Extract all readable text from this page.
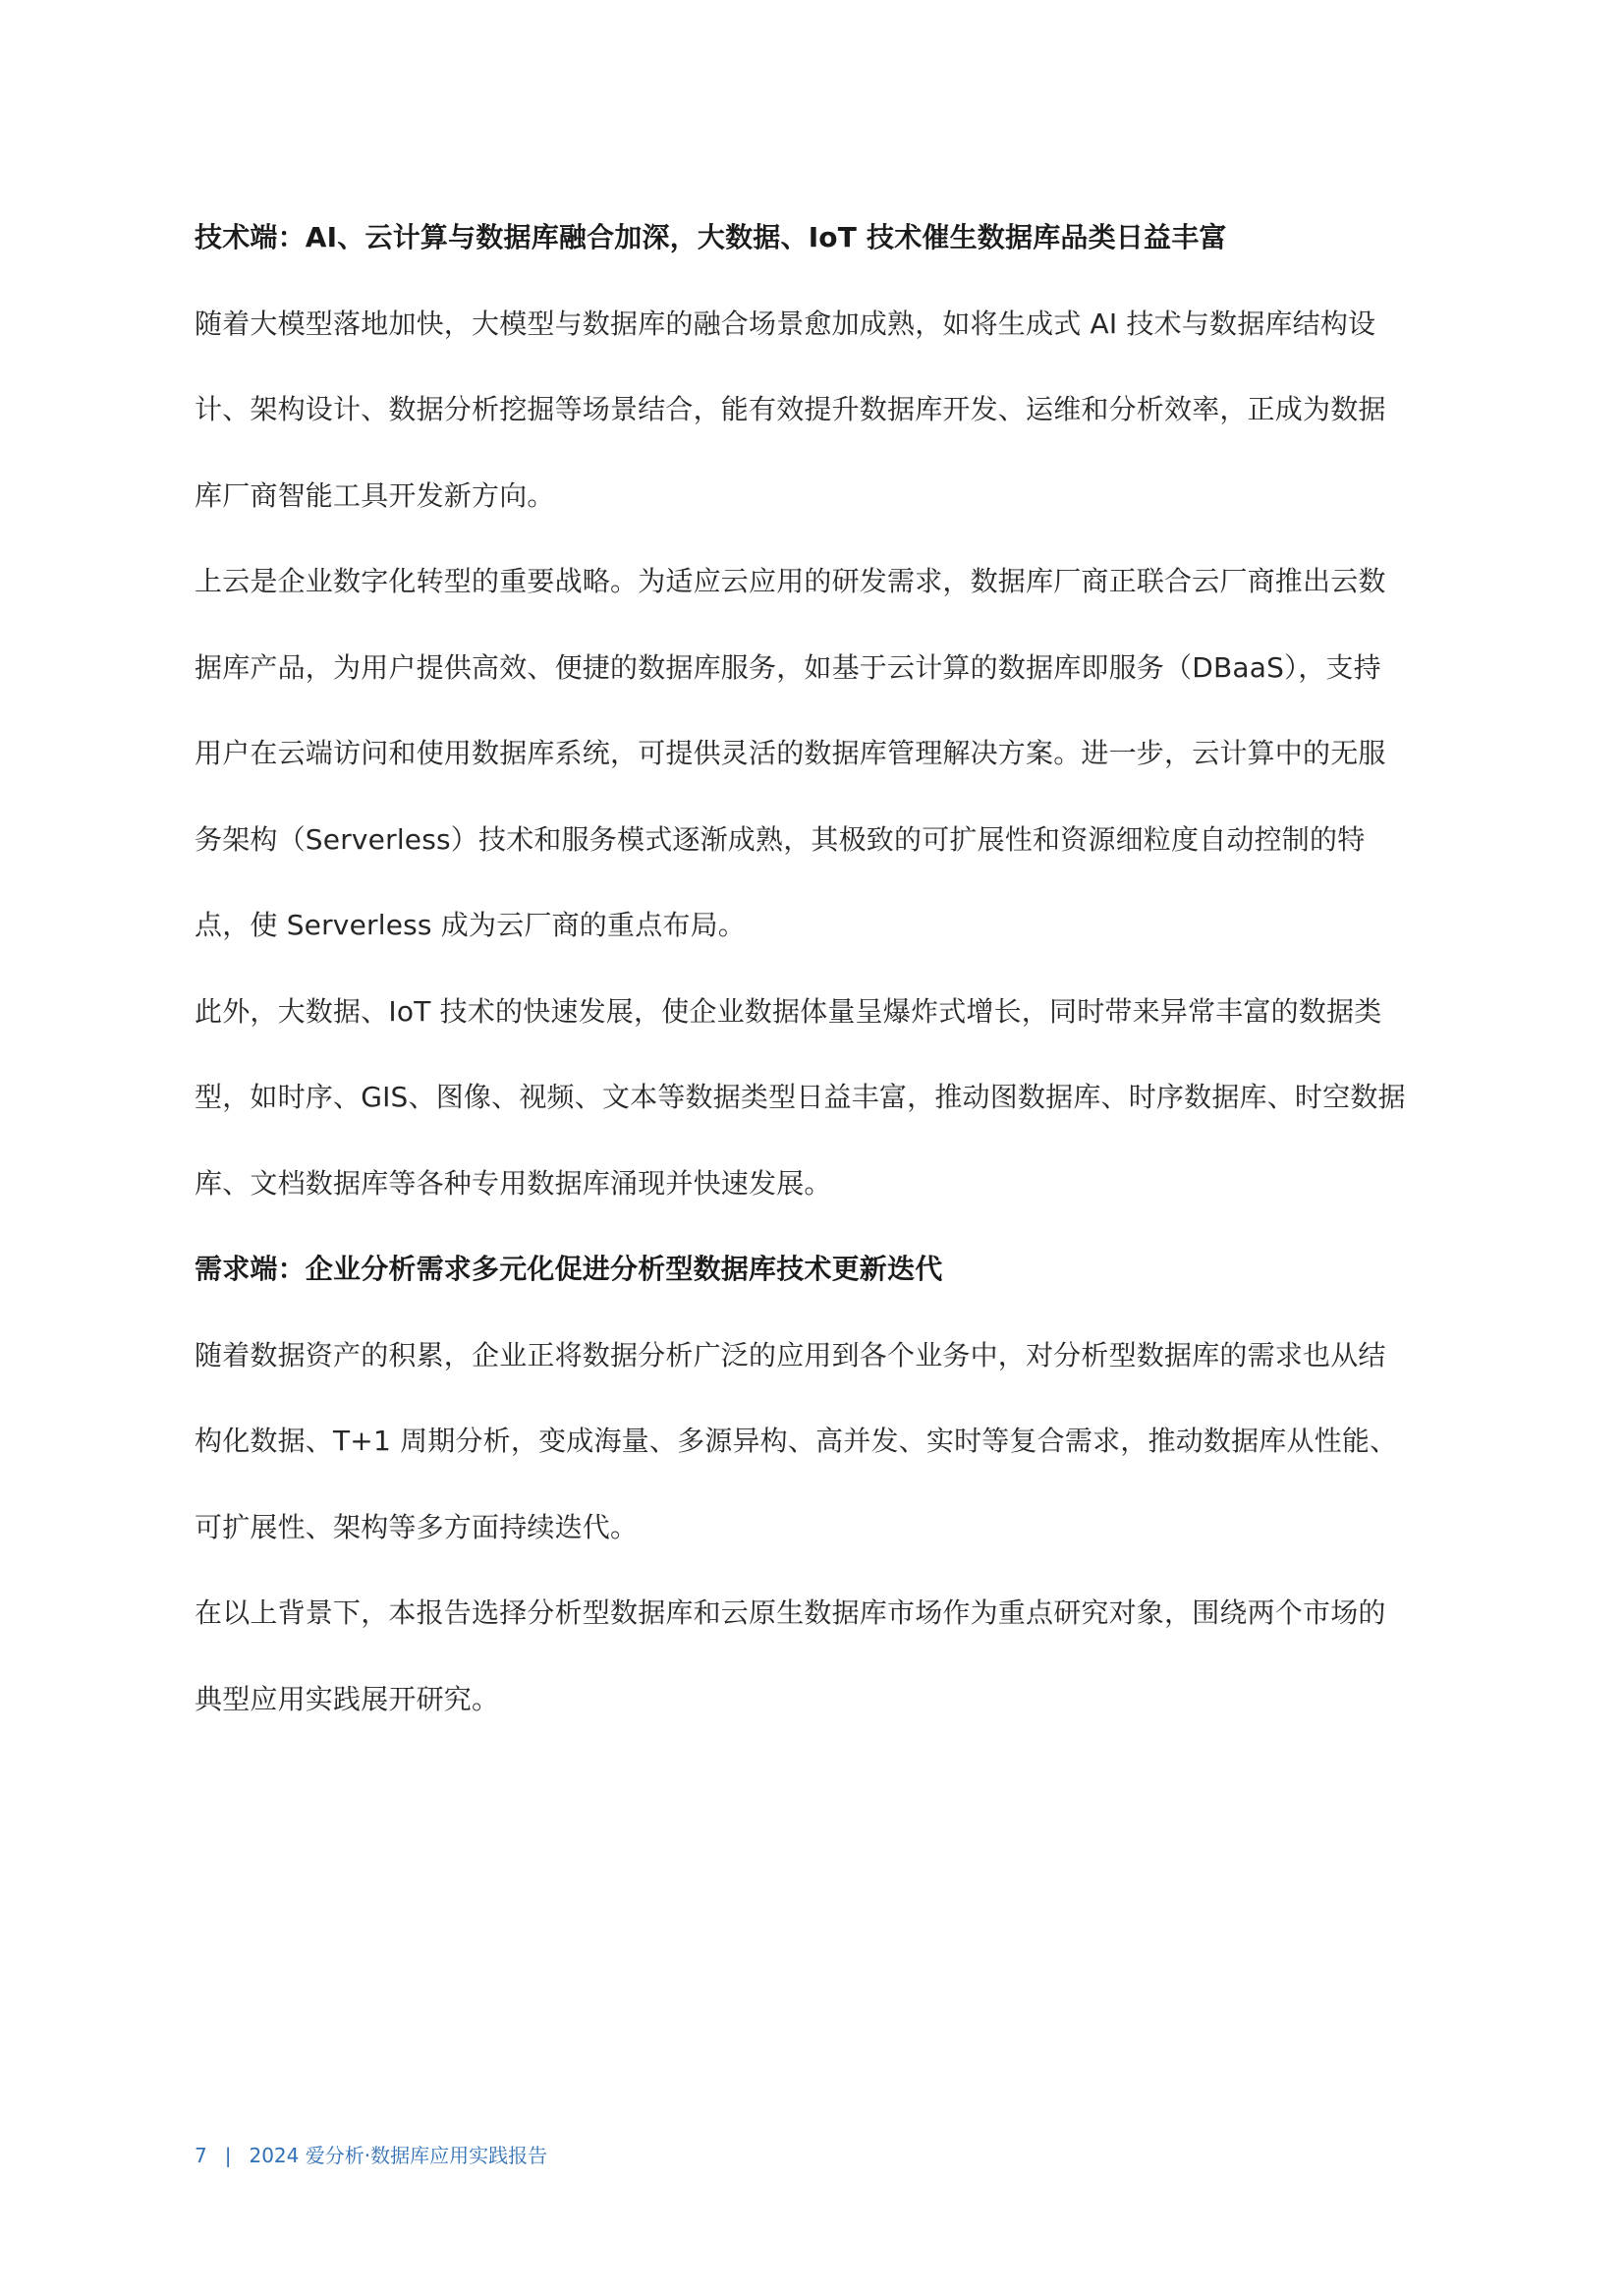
技术端：AI、云计算与数据库融合加深，大数据、IoT 技术催生数据库品类日益丰富
随着大模型落地加快，大模型与数据库的融合场景愈加成熟，如将生成式 AI 技术与数据库结构设
计、架构设计、数据分析挖掘等场景结合，能有效提升数据库开发、运维和分析效率，正成为数据
库厂商智能工具开发新方向。
上云是企业数字化转型的重要战略。为适应云应用的研发需求，数据库厂商正联合云厂商推出云数
据库产品，为用户提供高效、便捷的数据库服务，如基于云计算的数据库即服务（DBaaS），支持
用户在云端访问和使用数据库系统，可提供灵活的数据库管理解决方案。进一步，云计算中的无服
务架构（Serverless）技术和服务模式逐渐成熟，其极致的可扩展性和资源细粒度自动控制的特
点，使 Serverless 成为云厂商的重点布局。
此外，大数据、IoT 技术的快速发展，使企业数据体量呈爆炸式增长，同时带来异常丰富的数据类
型，如时序、GIS、图像、视频、文本等数据类型日益丰富，推动图数据库、时序数据库、时空数据
库、文档数据库等各种专用数据库涌现并快速发展。
需求端：企业分析需求多元化促进分析型数据库技术更新迭代
随着数据资产的积累，企业正将数据分析广泛的应用到各个业务中，对分析型数据库的需求也从结
构化数据、T+1 周期分析，变成海量、多源异构、高并发、实时等复合需求，推动数据库从性能、
可扩展性、架构等多方面持续迭代。
在以上背景下，本报告选择分析型数据库和云原生数据库市场作为重点研究对象，围绕两个市场的
典型应用实践展开研究。
7 | 2024 爱分析·数据库应用实践报告
